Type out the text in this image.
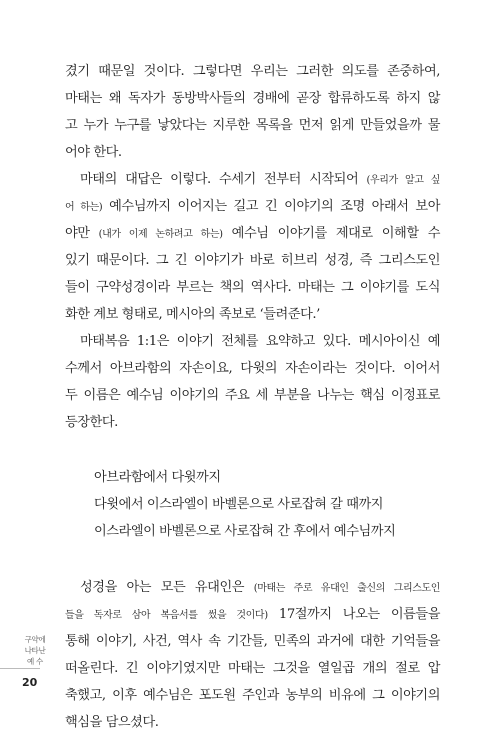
겼기 때문일 것이다. 그렇다면 우리는 그러한 의도를 존중하여,
마태는 왜 독자가 동방박사들의 경배에 곧장 합류하도록 하지 않
고 누가 누구를 낳았다는 지루한 목록을 먼저 읽게 만들었을까 물
어야 한다.
마태의 대답은 이렇다. 수세기 전부터 시작되어 (우리가 알고 싶
어 하는) 예수님까지 이어지는 길고 긴 이야기의 조명 아래서 보아
야만 (내가 이제 논하려고 하는) 예수님 이야기를 제대로 이해할 수
있기 때문이다. 그 긴 이야기가 바로 히브리 성경, 즉 그리스도인
들이 구약성경이라 부르는 책의 역사다. 마태는 그 이야기를 도식
화한 계보 형태로, 메시아의 족보로 ‘들려준다.’
마태복음 1:1은 이야기 전체를 요약하고 있다. 메시아이신 예
수께서 아브라함의 자손이요, 다윗의 자손이라는 것이다. 이어서
두 이름은 예수님 이야기의 주요 세 부분을 나누는 핵심 이정표로
등장한다.
아브라함에서 다윗까지
다윗에서 이스라엘이 바벨론으로 사로잡혀 갈 때까지
이스라엘이 바벨론으로 사로잡혀 간 후에서 예수님까지
성경을 아는 모든 유대인은 (마태는 주로 유대인 출신의 그리스도인
들을 독자로 삼아 복음서를 썼을 것이다) 17절까지 나오는 이름들을
통해 이야기, 사건, 역사 속 기간들, 민족의 과거에 대한 기억들을
떠올린다. 긴 이야기였지만 마태는 그것을 열일곱 개의 절로 압
축했고, 이후 예수님은 포도원 주인과 농부의 비유에 그 이야기의
핵심을 담으셨다.
구약에
나타난
예 수
20
